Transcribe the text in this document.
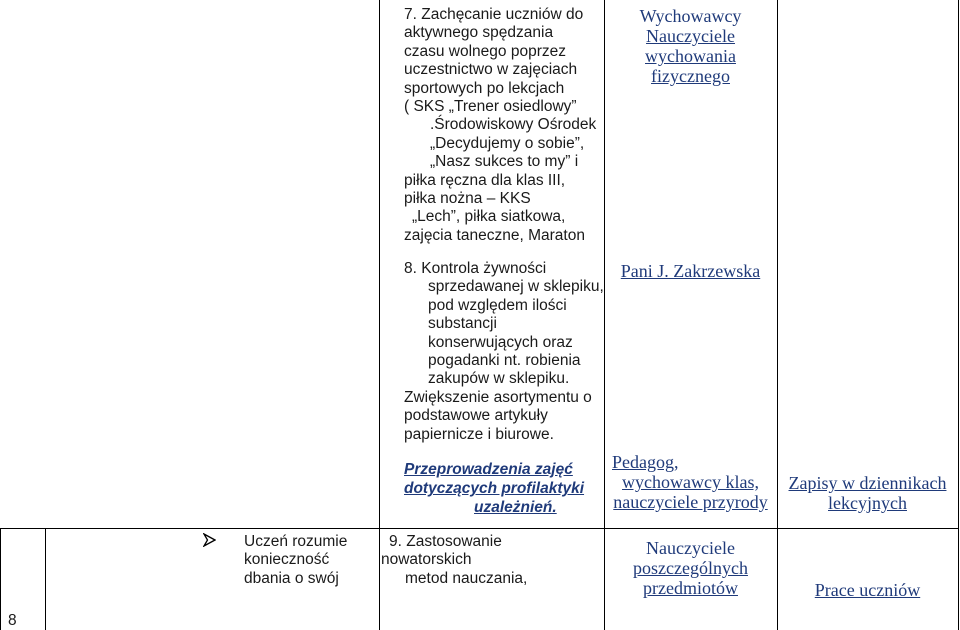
7. Zachęcanie uczniów do
aktywnego spędzania
czasu wolnego poprzez
uczestnictwo w zajęciach
sportowych po lekcjach
( SKS „Trener osiedlowy”
.Środowiskowy Ośrodek
„Decydujemy o sobie”,
„Nasz sukces to my” i
piłka ręczna dla klas III,
piłka nożna – KKS
„Lech”, piłka siatkowa,
zajęcia taneczne, Maraton
Wychowawcy
Nauczyciele
wychowania
fizycznego
8. Kontrola żywności
sprzedawanej w sklepiku,
pod względem ilości
substancji
konserwujących oraz
pogadanki nt. robienia
zakupów w sklepiku.
Zwiększenie asortymentu o
podstawowe artykuły
papiernicze i biurowe.
Pani J. Zakrzewska
Przeprowadzenia zajęć
dotyczących profilaktyki
uzależnień.
Pedagog,
wychowawcy klas,
nauczyciele przyrody
Zapisy w dziennikach
lekcyjnych
8
Uczeń rozumie
konieczność
dbania o swój
9. Zastosowanie
nowatorskich
metod nauczania,
Nauczyciele
poszczególnych
przedmiotów	Prace uczniów
